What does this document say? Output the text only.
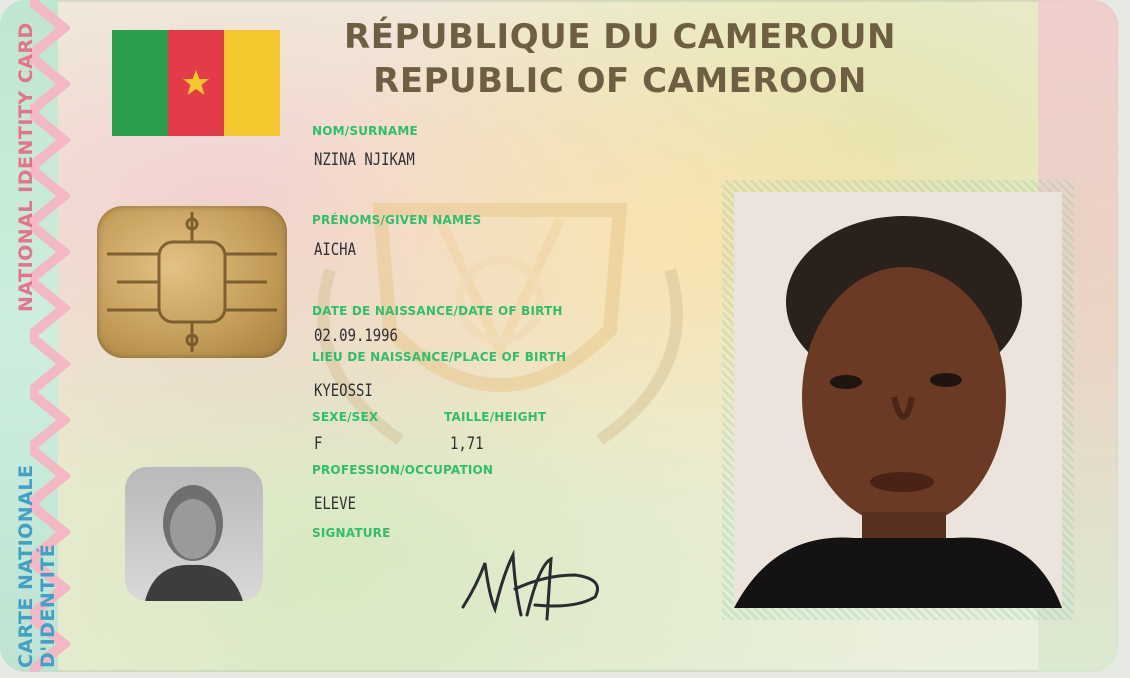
NATIONAL IDENTITY CARD
CARTE NATIONALE D'IDENTITÉ
RÉPUBLIQUE DU CAMEROUN
REPUBLIC OF CAMEROON
NOM/SURNAME
NZINA NJIKAM
PRÉNOMS/GIVEN NAMES
AICHA
DATE DE NAISSANCE/DATE OF BIRTH
02.09.1996
LIEU DE NAISSANCE/PLACE OF BIRTH
KYEOSSI
SEXE/SEX
F
TAILLE/HEIGHT
1,71
PROFESSION/OCCUPATION
ELEVE
SIGNATURE
